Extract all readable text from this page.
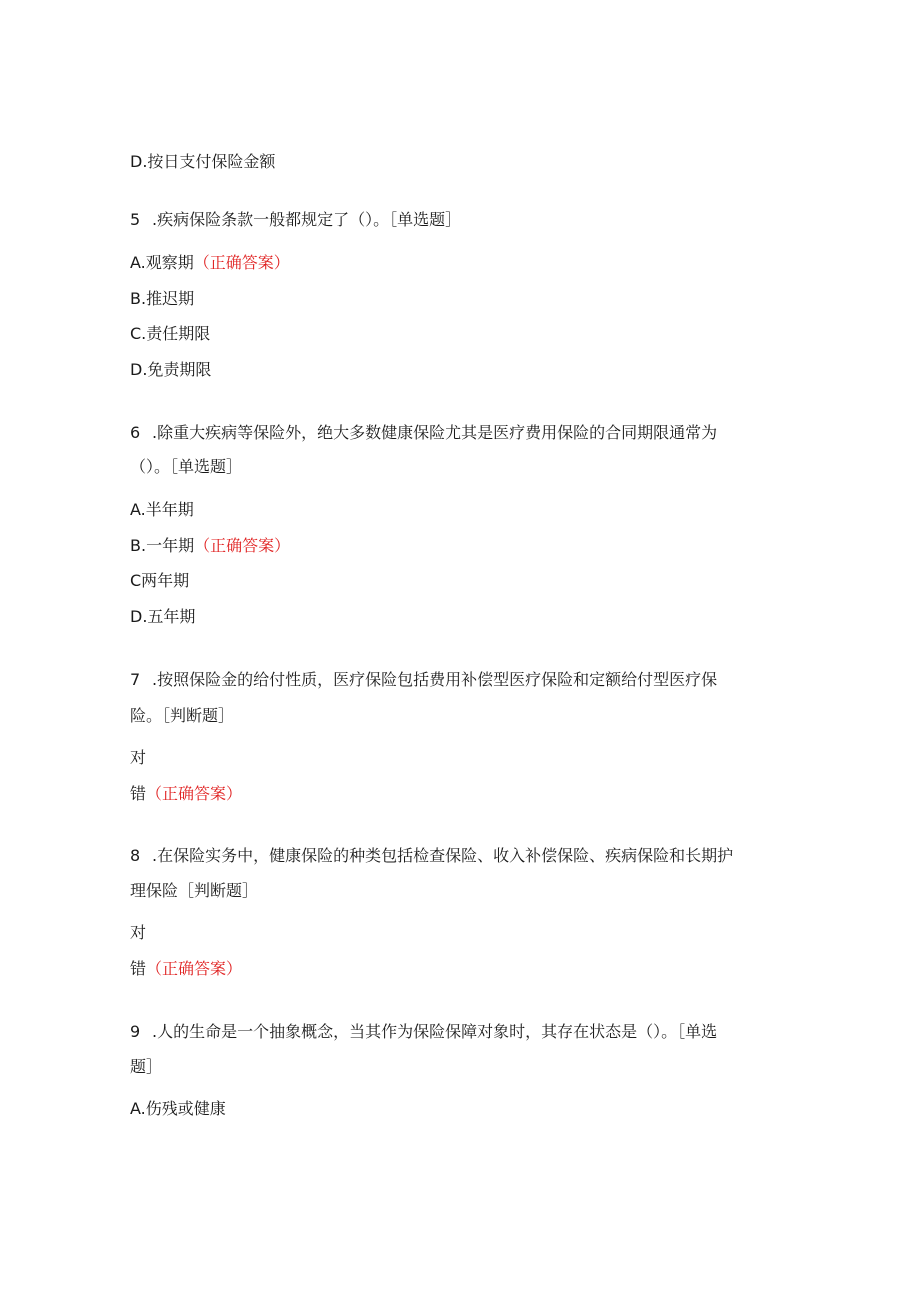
D.按日支付保险金额
5 .疾病保险条款一般都规定了（）。［单选题］
A.观察期（正确答案）
B.推迟期
C.责任期限
D.免责期限
6 .除重大疾病等保险外，绝大多数健康保险尤其是医疗费用保险的合同期限通常为
（）。［单选题］
A.半年期
B.一年期（正确答案）
C两年期
D.五年期
7 .按照保险金的给付性质，医疗保险包括费用补偿型医疗保险和定额给付型医疗保
险。［判断题］
对
错（正确答案）
8 .在保险实务中，健康保险的种类包括检查保险、收入补偿保险、疾病保险和长期护
理保险［判断题］
对
错（正确答案）
9 .人的生命是一个抽象概念，当其作为保险保障对象时，其存在状态是（）。［单选
题］
A.伤残或健康
